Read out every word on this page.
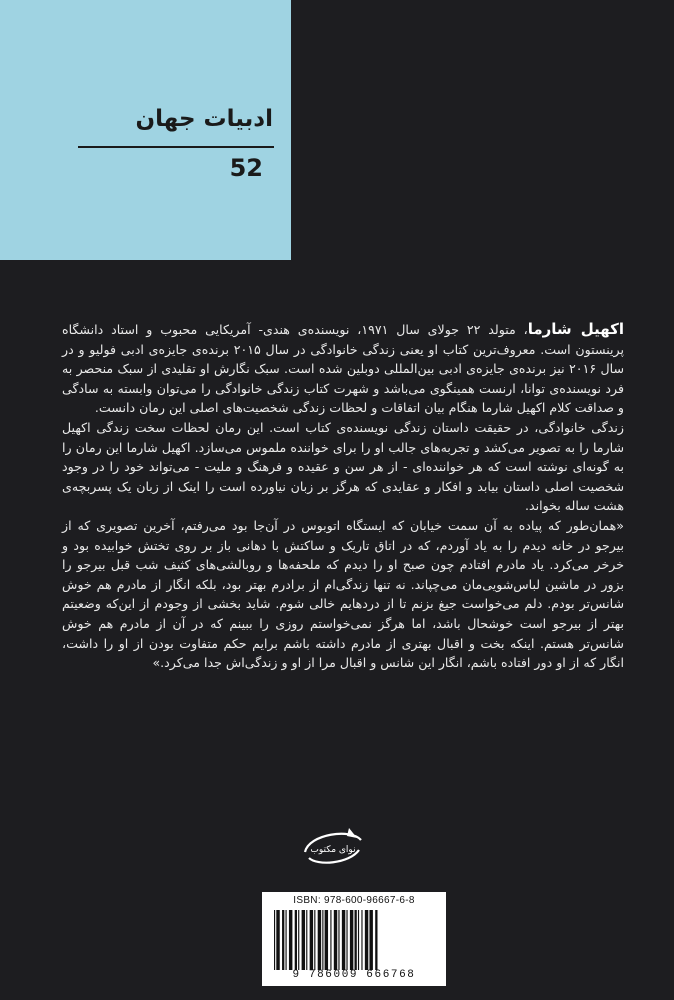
ادبیات جهان
52

اکهیل شارما، متولد ۲۲ جولای سال ۱۹۷۱، نویسنده‌ی هندی- آمریکایی محبوب و استاد دانشگاه پرینستون است. معروف‌ترین کتاب او یعنی زندگی خانوادگی در سال ۲۰۱۵ برنده‌ی جایزه‌ی ادبی فولیو و در سال ۲۰۱۶ نیز برنده‌ی جایزه‌ی ادبی بین‌المللی دوبلین شده است. سبک نگارش او تقلیدی از سبک منحصر به فرد نویسنده‌ی توانا، ارنست همینگوی می‌باشد و شهرت کتاب زندگی خانوادگی را می‌توان وابسته به سادگی و صداقت کلام اکهیل شارما هنگام بیان اتفاقات و لحظات زندگی شخصیت‌های اصلی این رمان دانست.

زندگی خانوادگی، در حقیقت داستان زندگی نویسنده‌ی کتاب است. این رمان لحظات سخت زندگی اکهیل شارما را به تصویر می‌کشد و تجربه‌های جالب او را برای خواننده ملموس می‌سازد. اکهیل شارما این رمان را به گونه‌ای نوشته است که هر خواننده‌ای - از هر سن و عقیده و فرهنگ و ملیت - می‌تواند خود را در وجود شخصیت اصلی داستان بیابد و افکار و عقایدی که هرگز بر زبان نیاورده است را اینک از زبان یک پسربچه‌ی هشت ساله بخواند.

«همان‌طور که پیاده به آن سمت خیابان که ایستگاه اتوبوس در آن‌جا بود می‌رفتم، آخرین تصویری که از بیرجو در خانه دیدم را به یاد آوردم، که در اتاق تاریک و ساکتش با دهانی باز بر روی تختش خوابیده بود و خرخر می‌کرد. یاد مادرم افتادم چون صبح او را دیدم که ملحفه‌ها و روبالشی‌های کثیف شب قبل بیرجو را بزور در ماشین لباس‌شویی‌مان می‌چپاند. نه تنها زندگی‌ام از برادرم بهتر بود، بلکه انگار از مادرم هم خوش شانس‌تر بودم. دلم می‌خواست جیغ بزنم تا از دردهایم خالی شوم. شاید بخشی از وجودم از این‌که وضعیتم بهتر از بیرجو است خوشحال باشد، اما هرگز نمی‌خواستم روزی را ببینم که در آن از مادرم هم خوش شانس‌تر هستم. اینکه بخت و اقبال بهتری از مادرم داشته باشم برایم حکم متفاوت بودن از او را داشت، انگار که از او دور افتاده باشم، انگار این شانس و اقبال مرا از او و زندگی‌اش جدا می‌کرد.»

نوای مکتوب
ISBN: 978-600-96667-6-8
9 786009 666768
